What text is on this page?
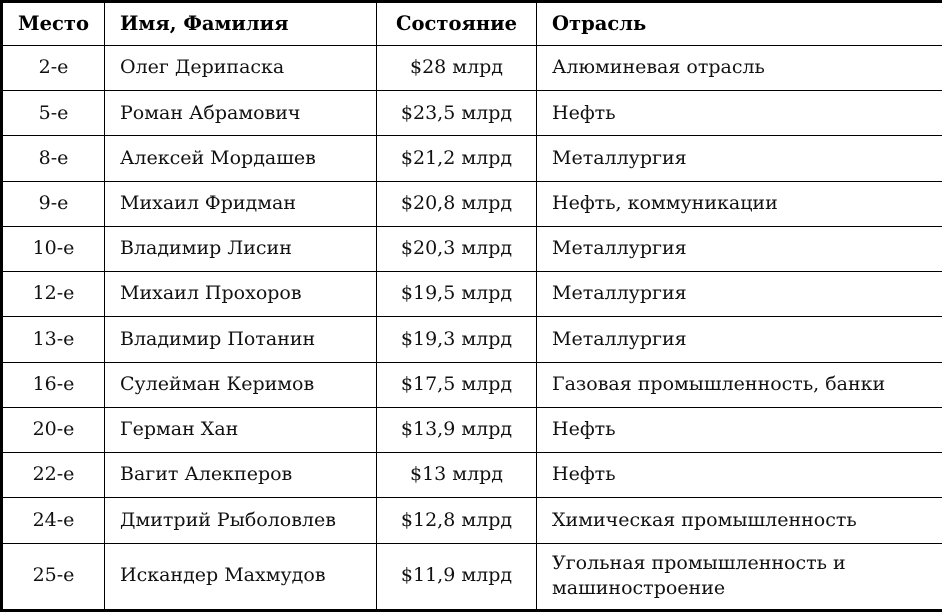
Место	Имя, Фамилия	Состояние	Отрасль
2-е	Олег Дерипаска	$28 млрд	Алюминевая отрасль
5-е	Роман Абрамович	$23,5 млрд	Нефть
8-е	Алексей Мордашев	$21,2 млрд	Металлургия
9-е	Михаил Фридман	$20,8 млрд	Нефть, коммуникации
10-е	Владимир Лисин	$20,3 млрд	Металлургия
12-е	Михаил Прохоров	$19,5 млрд	Металлургия
13-е	Владимир Потанин	$19,3 млрд	Металлургия
16-е	Сулейман Керимов	$17,5 млрд	Газовая промышленность, банки
20-е	Герман Хан	$13,9 млрд	Нефть
22-е	Вагит Алекперов	$13 млрд	Нефть
24-е	Дмитрий Рыболовлев	$12,8 млрд	Химическая промышленность
25-е	Искандер Махмудов	$11,9 млрд	Угольная промышленность и машиностроение
